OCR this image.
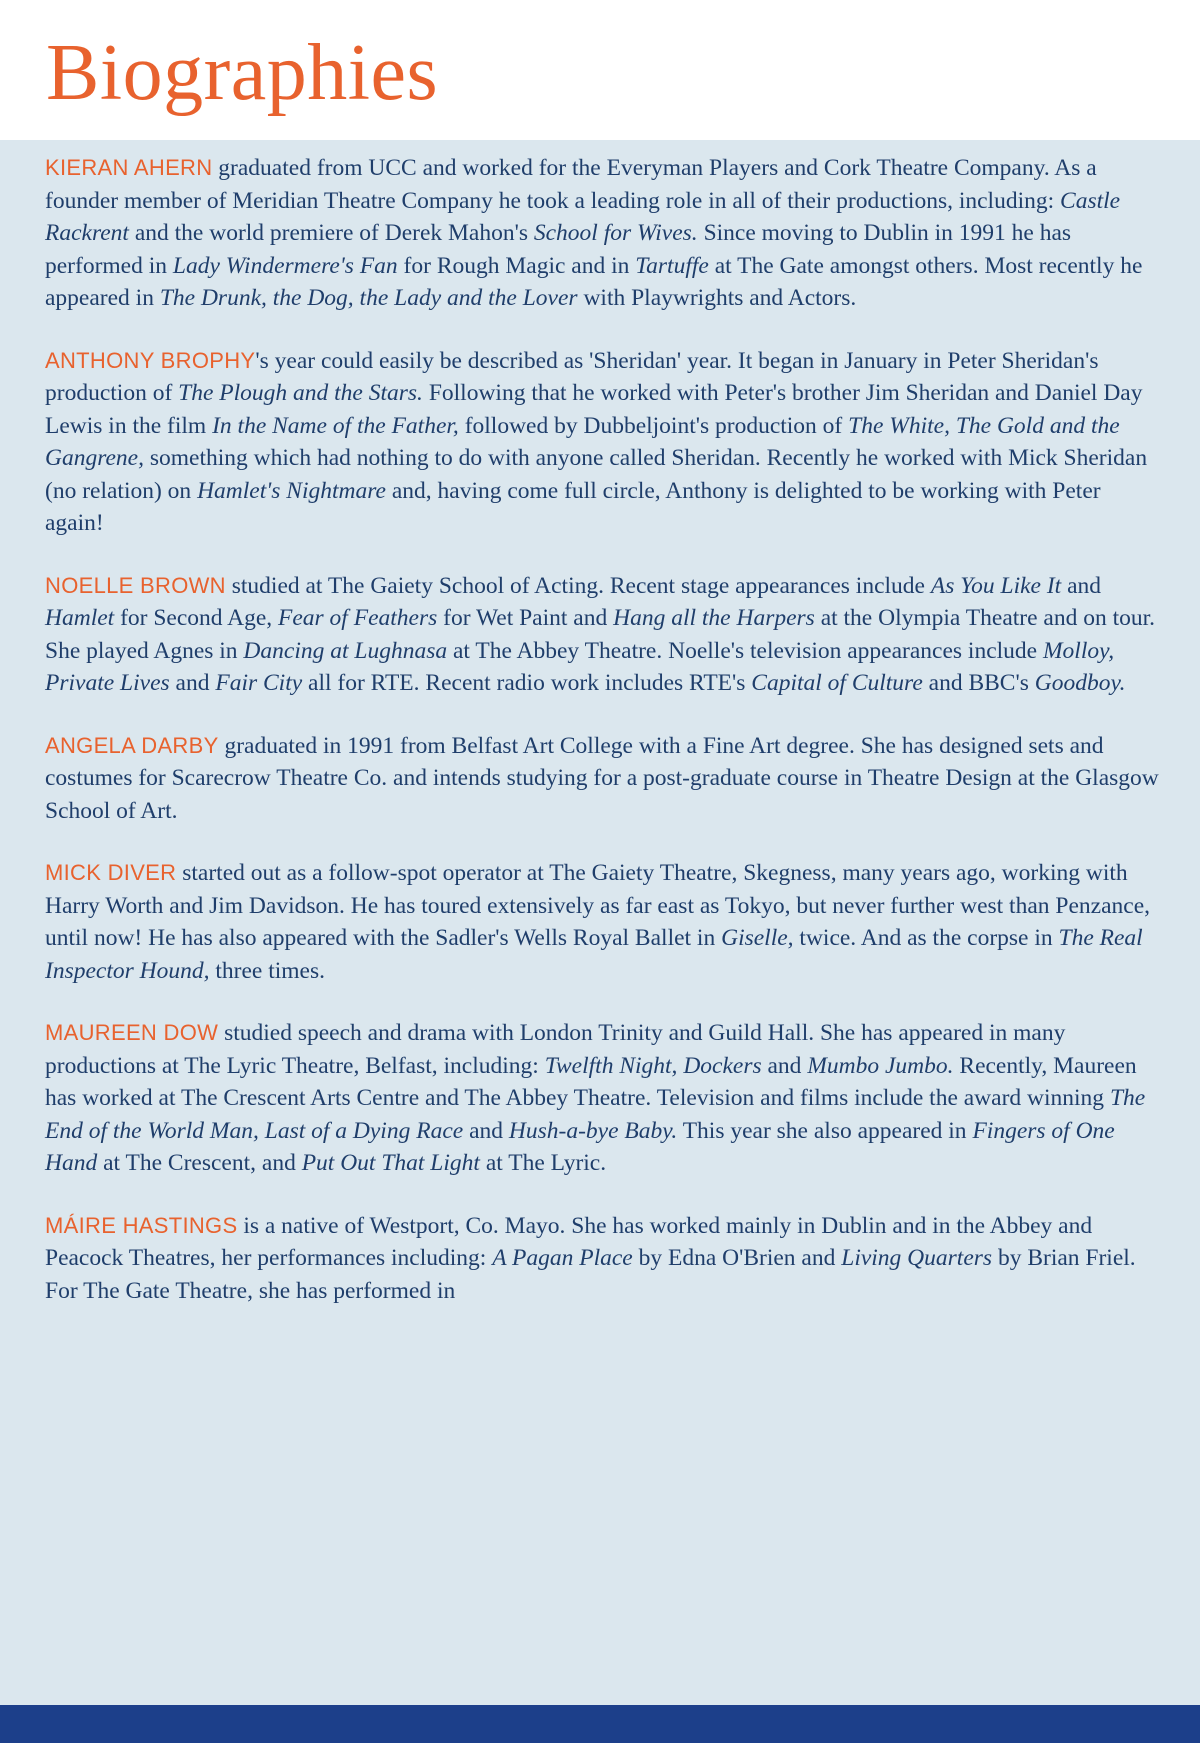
Biographies

KIERAN AHERN graduated from UCC and worked for the Everyman Players and Cork Theatre Company. As a founder member of Meridian Theatre Company he took a leading role in all of their productions, including: Castle Rackrent and the world premiere of Derek Mahon's School for Wives. Since moving to Dublin in 1991 he has performed in Lady Windermere's Fan for Rough Magic and in Tartuffe at The Gate amongst others. Most recently he appeared in The Drunk, the Dog, the Lady and the Lover with Playwrights and Actors.

ANTHONY BROPHY's year could easily be described as 'Sheridan' year. It began in January in Peter Sheridan's production of The Plough and the Stars. Following that he worked with Peter's brother Jim Sheridan and Daniel Day Lewis in the film In the Name of the Father, followed by Dubbeljoint's production of The White, The Gold and the Gangrene, something which had nothing to do with anyone called Sheridan. Recently he worked with Mick Sheridan (no relation) on Hamlet's Nightmare and, having come full circle, Anthony is delighted to be working with Peter again!

NOELLE BROWN studied at The Gaiety School of Acting. Recent stage appearances include As You Like It and Hamlet for Second Age, Fear of Feathers for Wet Paint and Hang all the Harpers at the Olympia Theatre and on tour. She played Agnes in Dancing at Lughnasa at The Abbey Theatre. Noelle's television appearances include Molloy, Private Lives and Fair City all for RTE. Recent radio work includes RTE's Capital of Culture and BBC's Goodboy.

ANGELA DARBY graduated in 1991 from Belfast Art College with a Fine Art degree. She has designed sets and costumes for Scarecrow Theatre Co. and intends studying for a post-graduate course in Theatre Design at the Glasgow School of Art.

MICK DIVER started out as a follow-spot operator at The Gaiety Theatre, Skegness, many years ago, working with Harry Worth and Jim Davidson. He has toured extensively as far east as Tokyo, but never further west than Penzance, until now! He has also appeared with the Sadler's Wells Royal Ballet in Giselle, twice. And as the corpse in The Real Inspector Hound, three times.

MAUREEN DOW studied speech and drama with London Trinity and Guild Hall. She has appeared in many productions at The Lyric Theatre, Belfast, including: Twelfth Night, Dockers and Mumbo Jumbo. Recently, Maureen has worked at The Crescent Arts Centre and The Abbey Theatre. Television and films include the award winning The End of the World Man, Last of a Dying Race and Hush-a-bye Baby. This year she also appeared in Fingers of One Hand at The Crescent, and Put Out That Light at The Lyric.

MÁIRE HASTINGS is a native of Westport, Co. Mayo. She has worked mainly in Dublin and in the Abbey and Peacock Theatres, her performances including: A Pagan Place by Edna O'Brien and Living Quarters by Brian Friel. For The Gate Theatre, she has performed in
